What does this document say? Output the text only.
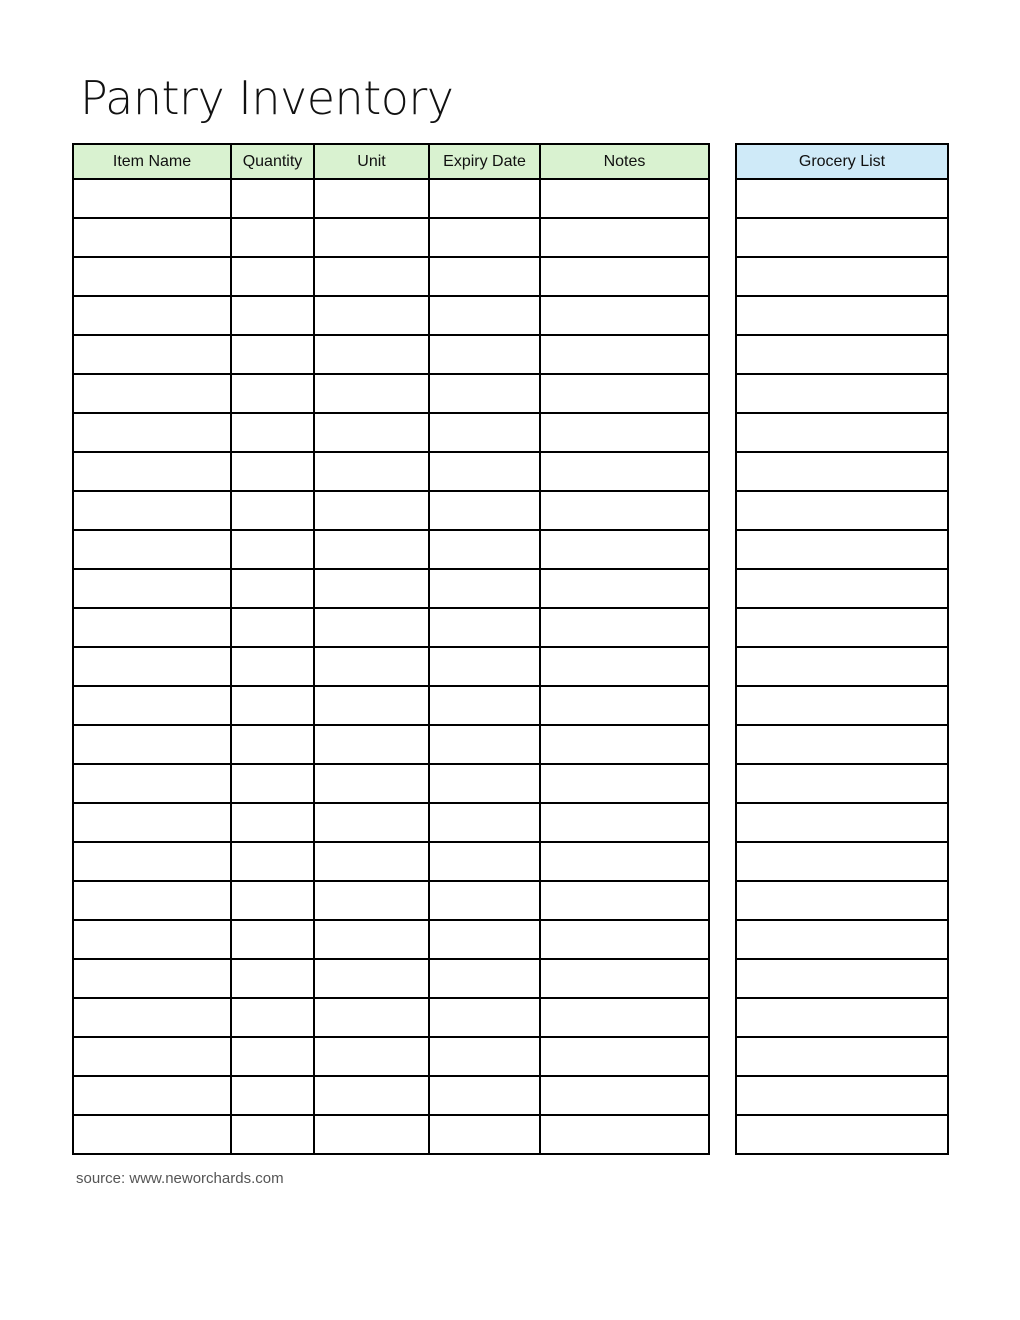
Pantry Inventory
Item Name	Quantity	Unit	Expiry Date	Notes

					Grocery List

source: www.neworchards.com
